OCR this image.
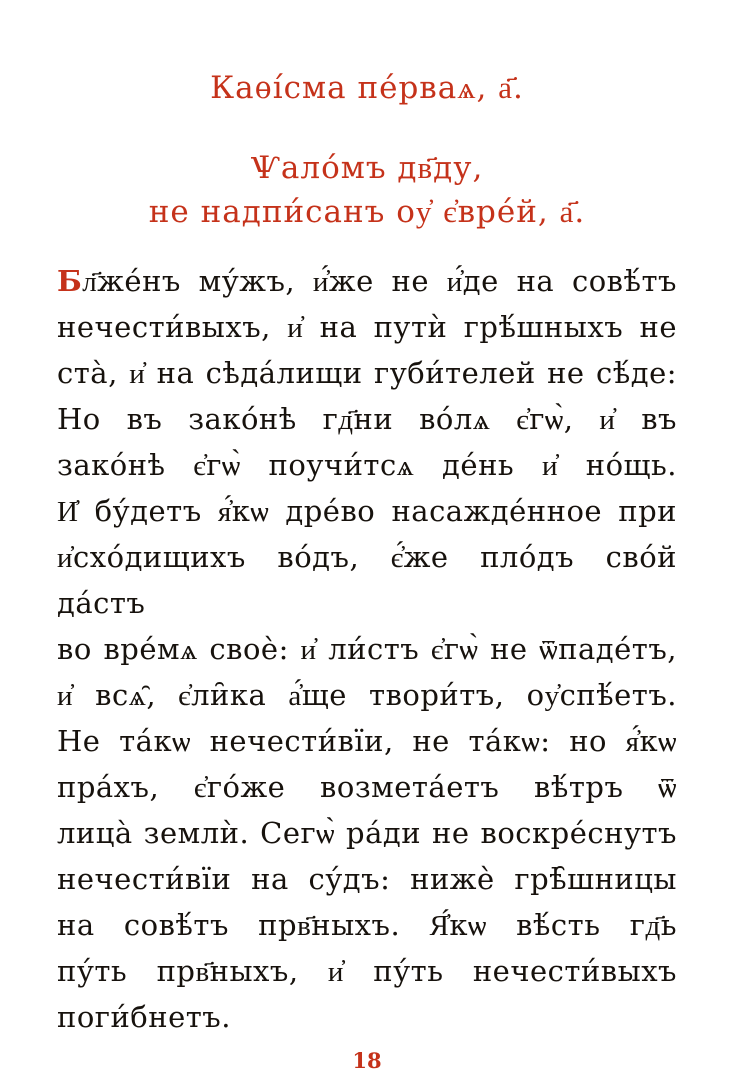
Каѳі́сма пе́рваѧ, а҃.
Ѱало́мъ дв҃ду,
не надпи́санъ оу҆ є҆вре́й, а҃.
Бл҃же́нъ му́жъ, и҆́же не и҆́де на совѣ́тъ
нечести́выхъ, и҆ на путѝ грѣ́шныхъ не
ста̀, и҆ на сѣда́лищи губи́телей не сѣ́де:
Но въ зако́нѣ гд҃ни во́лѧ є҆гѡ̀, и҆ въ
зако́нѣ є҆гѡ̀ поучи́тсѧ де́нь и҆ но́щь.
И҆ бу́детъ я҆́кѡ дре́во насажде́нное при
и҆схо́дищихъ во́дъ, є҆́же пло́дъ сво́й да́стъ
во вре́мѧ своѐ: и҆ ли́стъ є҆гѡ̀ не ѿпаде́тъ,
и҆ всѧ̑, є҆ли̑ка а҆́ще твори́тъ, оу҆спѣ́етъ.
Не та́кѡ нечести́вїи, не та́кѡ: но я҆́кѡ
пра́хъ, є҆го́же возмета́етъ вѣ́тръ ѿ
лица̀ землѝ. Сегѡ̀ ра́ди не воскре́снутъ
нечести́вїи на су́дъ: нижѐ грѣ̑шницы
на совѣ́тъ прв҃ныхъ. Я҆́кѡ вѣ́сть гд҃ь
пу́ть прв҃ныхъ, и҆ пу́ть нечести́выхъ
поги́бнетъ.
18
